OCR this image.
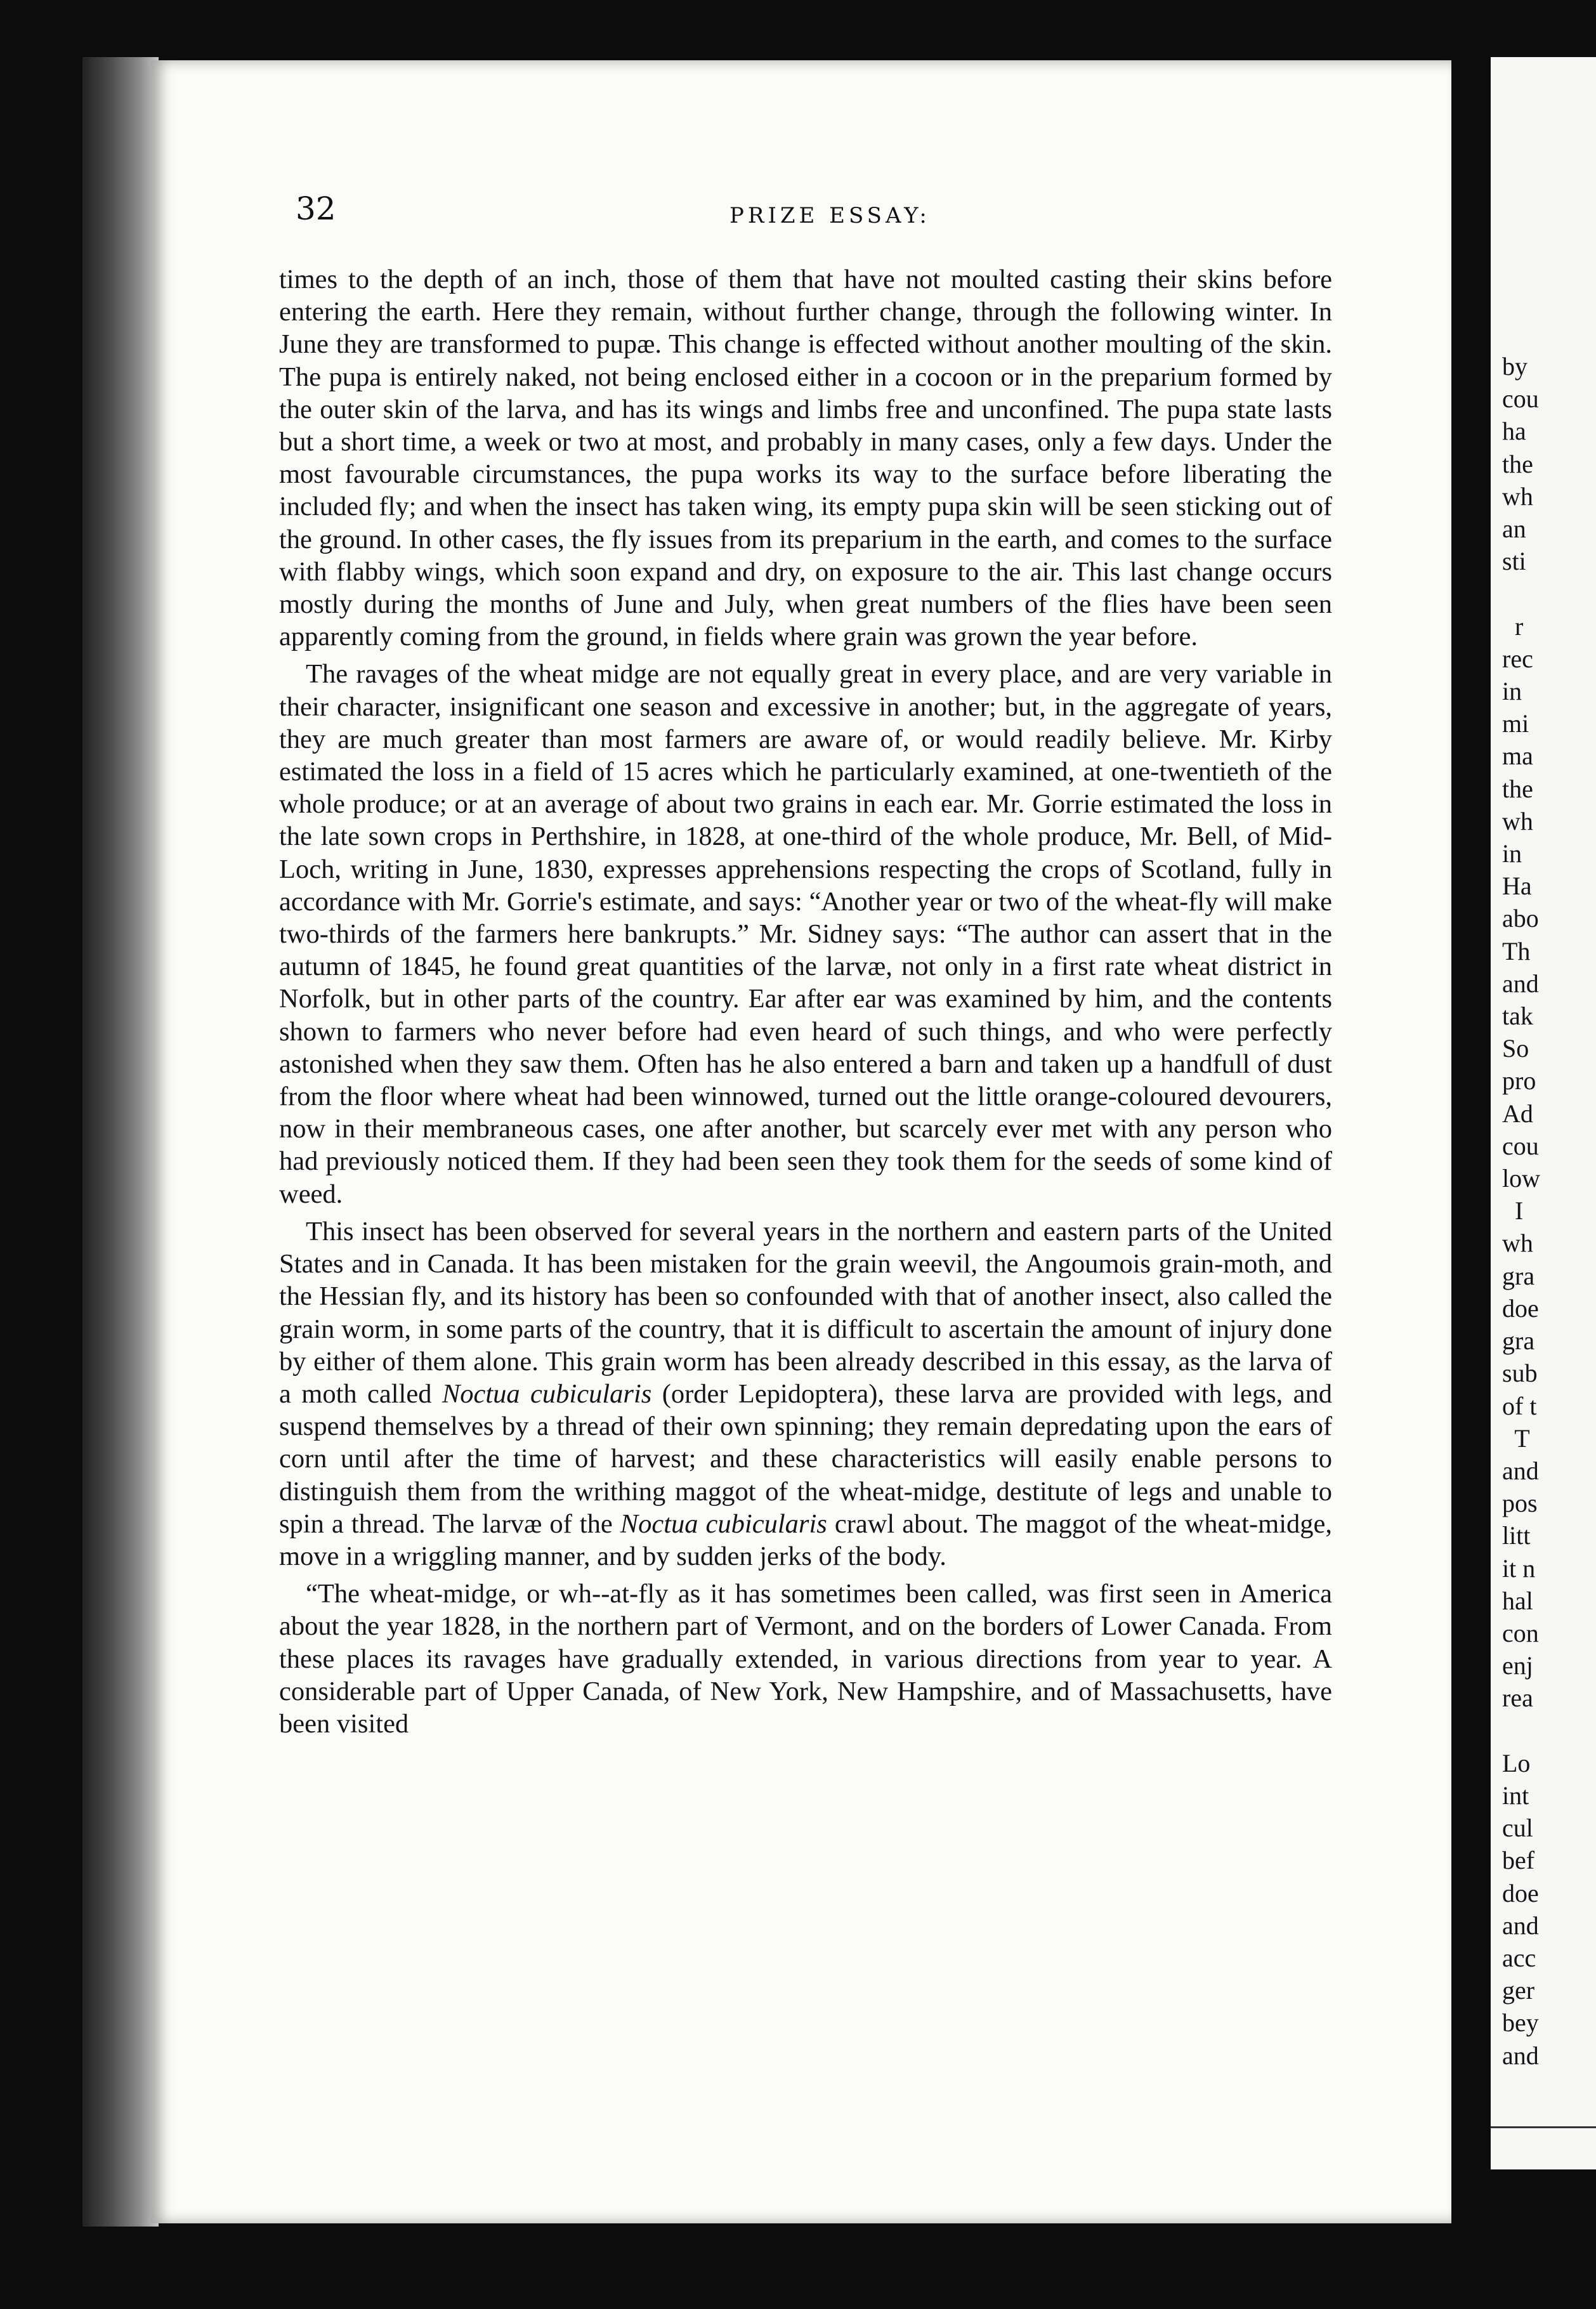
by
cou
ha
the
wh
an
sti

r
rec
in
mi
ma
the
wh
in
Ha
abo
Th
and
tak
So
pro
Ad
cou
low
I
wh
gra
doe
gra
sub
of t
T
and
pos
litt
it n
hal
con
enj
rea

Lo
int
cul
bef
doe
and
acc
ger
bey
and
32	PRIZE ESSAY:

times to the depth of an inch, those of them that have not moulted casting their skins before entering the earth. Here they remain, without further change, through the following winter. In June they are transformed to pupæ. This change is effected without another moulting of the skin. The pupa is entirely naked, not being enclosed either in a cocoon or in the preparium formed by the outer skin of the larva, and has its wings and limbs free and unconfined. The pupa state lasts but a short time, a week or two at most, and probably in many cases, only a few days. Under the most favourable circumstances, the pupa works its way to the surface before liberating the included fly; and when the insect has taken wing, its empty pupa skin will be seen sticking out of the ground. In other cases, the fly issues from its preparium in the earth, and comes to the surface with flabby wings, which soon expand and dry, on exposure to the air. This last change occurs mostly during the months of June and July, when great numbers of the flies have been seen apparently coming from the ground, in fields where grain was grown the year before.

The ravages of the wheat midge are not equally great in every place, and are very variable in their character, insignificant one season and excessive in another; but, in the aggregate of years, they are much greater than most farmers are aware of, or would readily believe. Mr. Kirby estimated the loss in a field of 15 acres which he particularly examined, at one-twentieth of the whole produce; or at an average of about two grains in each ear. Mr. Gorrie estimated the loss in the late sown crops in Perthshire, in 1828, at one-third of the whole produce, Mr. Bell, of Mid-Loch, writing in June, 1830, expresses apprehensions respecting the crops of Scotland, fully in accordance with Mr. Gorrie's estimate, and says: “Another year or two of the wheat-fly will make two-thirds of the farmers here bankrupts.” Mr. Sidney says: “The author can assert that in the autumn of 1845, he found great quantities of the larvæ, not only in a first rate wheat district in Norfolk, but in other parts of the country. Ear after ear was examined by him, and the contents shown to farmers who never before had even heard of such things, and who were perfectly astonished when they saw them. Often has he also entered a barn and taken up a handfull of dust from the floor where wheat had been winnowed, turned out the little orange-coloured devourers, now in their membraneous cases, one after another, but scarcely ever met with any person who had previously noticed them. If they had been seen they took them for the seeds of some kind of weed.

This insect has been observed for several years in the northern and eastern parts of the United States and in Canada. It has been mistaken for the grain weevil, the Angoumois grain-moth, and the Hessian fly, and its history has been so confounded with that of another insect, also called the grain worm, in some parts of the country, that it is difficult to ascertain the amount of injury done by either of them alone. This grain worm has been already described in this essay, as the larva of a moth called Noctua cubicularis (order Lepidoptera), these larva are provided with legs, and suspend themselves by a thread of their own spinning; they remain depredating upon the ears of corn until after the time of harvest; and these characteristics will easily enable persons to distinguish them from the writhing maggot of the wheat-midge, destitute of legs and unable to spin a thread. The larvæ of the Noctua cubicularis crawl about. The maggot of the wheat-midge, move in a wriggling manner, and by sudden jerks of the body.

“The wheat-midge, or wh--at-fly as it has sometimes been called, was first seen in America about the year 1828, in the northern part of Vermont, and on the borders of Lower Canada. From these places its ravages have gradually extended, in various directions from year to year. A considerable part of Upper Canada, of New York, New Hampshire, and of Massachusetts, have been visited
